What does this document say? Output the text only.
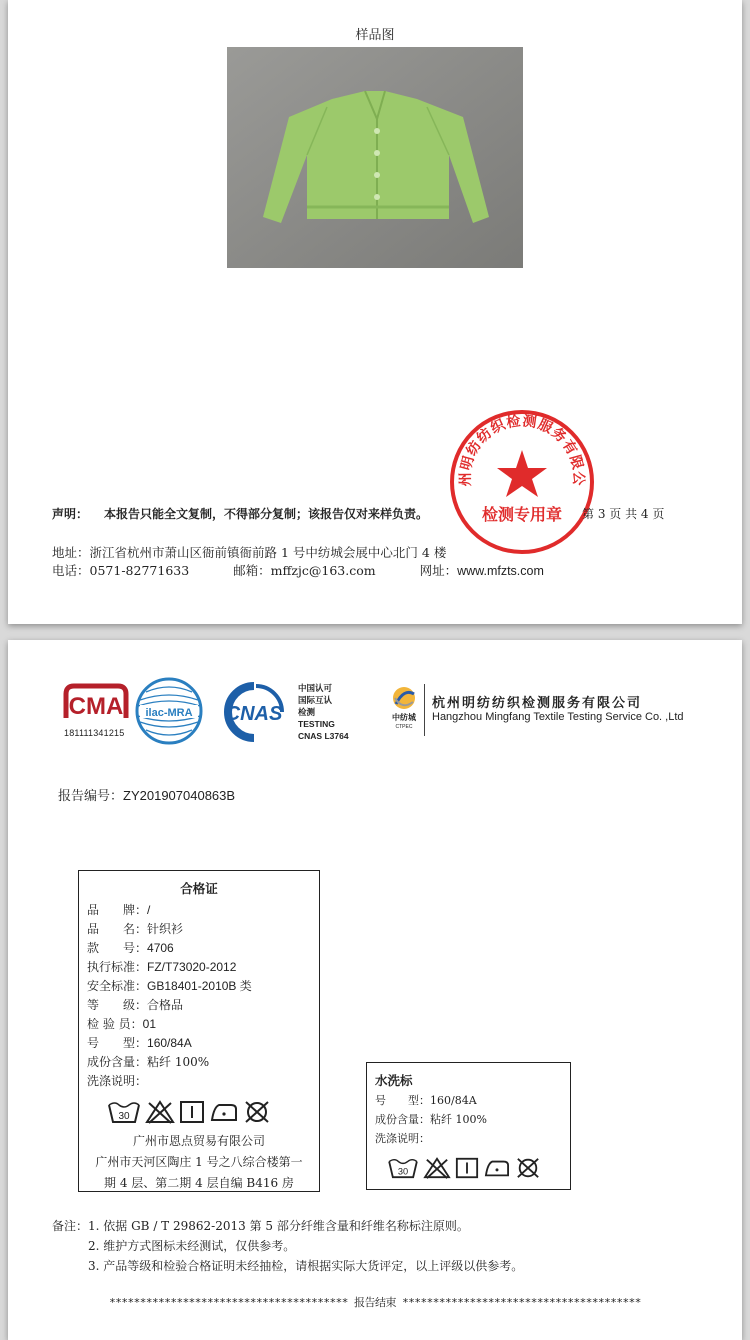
样品图
州明纺纺织检测服务有限公
检测专用章
声明： 本报告只能全文复制，不得部分复制；该报告仅对来样负责。	第 3 页 共 4 页
地址：浙江省杭州市萧山区衙前镇衙前路 1 号中纺城会展中心北门 4 楼
电话：0571-82771633	邮箱：mffzjc@163.com	网址：www.mfzts.com
CMA
181111341215
ilac-MRA CNAS
中国认可
国际互认
检测
TESTING
CNAS L3764
中纺城
CTPEC
杭州明纺纺织检测服务有限公司
Hangzhou Mingfang Textile Testing Service Co. ,Ltd
报告编号：ZY201907040863B
合格证
品　　牌：/
品　　名：针织衫
款　　号：4706
执行标准：FZ/T73020-2012
安全标准：GB18401-2010B 类
等　　级：合格品
检 验 员：01
号　　型：160/84A
成份含量：粘纤 100%
洗涤说明：
30
广州市恩点贸易有限公司
广州市天河区陶庄 1 号之八综合楼第一
期 4 层、第二期 4 层自编 B416 房
水洗标
号　　型：160/84A
成份含量：粘纤 100%
洗涤说明：
30
备注：1. 依据 GB / T 29862-2013 第 5 部分纤维含量和纤维名称标注原则。
2. 维护方式图标未经测试，仅供参考。
3. 产品等级和检验合格证明未经抽检，请根据实际大货评定，以上评级以供参考。
*************************************** 报告结束 ***************************************
